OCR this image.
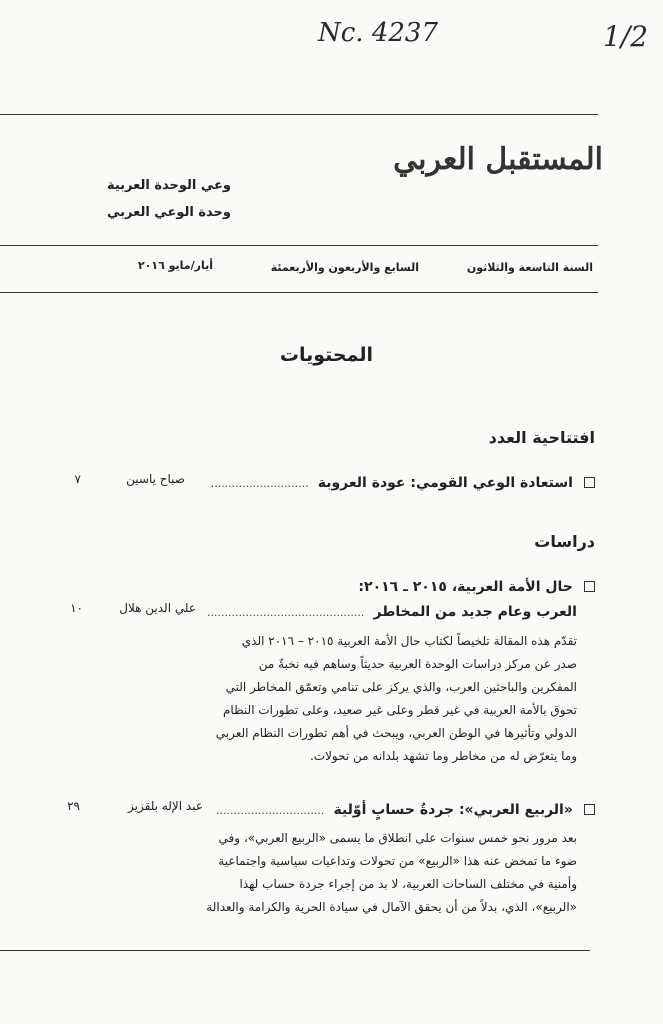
Nc. 4237	1/2
المستقبل العربي
وعي الوحدة العربية
وحدة الوعي العربي
السنة التاسعة والثلاثون
السابع والأربعون والأربعمئة
أيار/مايو ٢٠١٦
المحتويات
افتتاحية العدد
استعادة الوعي القومي: عودة العروبة ............................
صباح ياسين
٧
دراسات
حال الأمة العربية، ٢٠١٥ ـ ٢٠١٦:
العرب وعام جديد من المخاطر .............................................
علي الدين هلال
١٠
تقدّم هذه المقالة تلخيصاً لكتاب حال الأمة العربية ٢٠١٥ – ٢٠١٦ الذي
صدر عن مركز دراسات الوحدة العربية حديثاً وساهم فيه نخبةٌ من
المفكرين والباحثين العرب، والذي يركز على تنامي وتعمّق المخاطر التي
تحوق بالأمة العربية في غير قطر وعلى غير صعيد، وعلى تطورات النظام
الدولي وتأثيرها في الوطن العربي، ويبحث في أهم تطورات النظام العربي
وما يتعرّض له من مخاطر وما تشهد بلدانه من تحولات.
«الربيع العربي»: جردةُ حسابٍ أوّلية ...............................
عبد الإله بلقزيز
٢٩
بعد مرور نحو خمس سنوات على انطلاق ما يسمى «الربيع العربي»، وفي
ضوء ما تمخض عنه هذا «الربيع» من تحولات وتداعيات سياسية واجتماعية
وأمنية في مختلف الساحات العربية، لا بد من إجراء جردة حساب لهذا
«الربيع»، الذي، بدلاً من أن يحقق الآمال في سيادة الحرية والكرامة والعدالة
